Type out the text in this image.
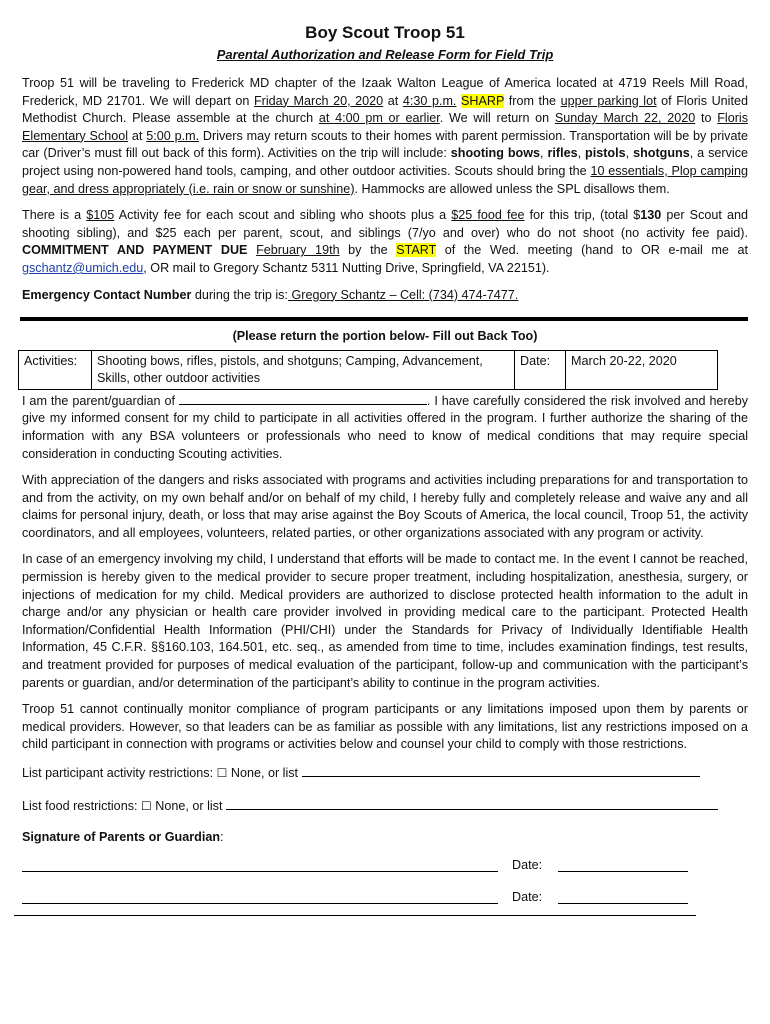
Boy Scout Troop 51
Parental Authorization and Release Form for Field Trip

Troop 51 will be traveling to Frederick MD chapter of the Izaak Walton League of America located at 4719 Reels Mill Road, Frederick, MD 21701. We will depart on Friday March 20, 2020 at 4:30 p.m. SHARP from the upper parking lot of Floris United Methodist Church. Please assemble at the church at 4:00 pm or earlier. We will return on Sunday March 22, 2020 to Floris Elementary School at 5:00 p.m. Drivers may return scouts to their homes with parent permission. Transportation will be by private car (Driver’s must fill out back of this form). Activities on the trip will include: shooting bows, rifles, pistols, shotguns, a service project using non-powered hand tools, camping, and other outdoor activities. Scouts should bring the 10 essentials, Plop camping gear, and dress appropriately (i.e. rain or snow or sunshine). Hammocks are allowed unless the SPL disallows them.

There is a $105 Activity fee for each scout and sibling who shoots plus a $25 food fee for this trip, (total $130 per Scout and shooting sibling), and $25 each per parent, scout, and siblings (7/yo and over) who do not shoot (no activity fee paid). COMMITMENT AND PAYMENT DUE February 19th by the START of the Wed. meeting (hand to OR e-mail me at gschantz@umich.edu, OR mail to Gregory Schantz 5311 Nutting Drive, Springfield, VA 22151).

Emergency Contact Number during the trip is: Gregory Schantz – Cell: (734) 474-7477.

(Please return the portion below- Fill out Back Too)
Activities:	Shooting bows, rifles, pistols, and shotguns; Camping, Advancement, Skills, other outdoor activities	Date:	March 20-22, 2020

I am the parent/guardian of	. I have carefully considered the risk involved and hereby give my informed consent for my child to participate in all activities offered in the program. I further authorize the sharing of the information with any BSA volunteers or professionals who need to know of medical conditions that may require special consideration in conducting Scouting activities.

With appreciation of the dangers and risks associated with programs and activities including preparations for and transportation to and from the activity, on my own behalf and/or on behalf of my child, I hereby fully and completely release and waive any and all claims for personal injury, death, or loss that may arise against the Boy Scouts of America, the local council, Troop 51, the activity coordinators, and all employees, volunteers, related parties, or other organizations associated with any program or activity.

In case of an emergency involving my child, I understand that efforts will be made to contact me. In the event I cannot be reached, permission is hereby given to the medical provider to secure proper treatment, including hospitalization, anesthesia, surgery, or injections of medication for my child. Medical providers are authorized to disclose protected health information to the adult in charge and/or any physician or health care provider involved in providing medical care to the participant. Protected Health Information/Confidential Health Information (PHI/CHI) under the Standards for Privacy of Individually Identifiable Health Information, 45 C.F.R. §§160.103, 164.501, etc. seq., as amended from time to time, includes examination findings, test results, and treatment provided for purposes of medical evaluation of the participant, follow-up and communication with the participant’s parents or guardian, and/or determination of the participant’s ability to continue in the program activities.

Troop 51 cannot continually monitor compliance of program participants or any limitations imposed upon them by parents or medical providers. However, so that leaders can be as familiar as possible with any limitations, list any restrictions imposed on a child participant in connection with programs or activities below and counsel your child to comply with those restrictions.

List participant activity restrictions: ☐ None, or list
List food restrictions: ☐ None, or list
Signature of Parents or Guardian:
Date:
Date:
